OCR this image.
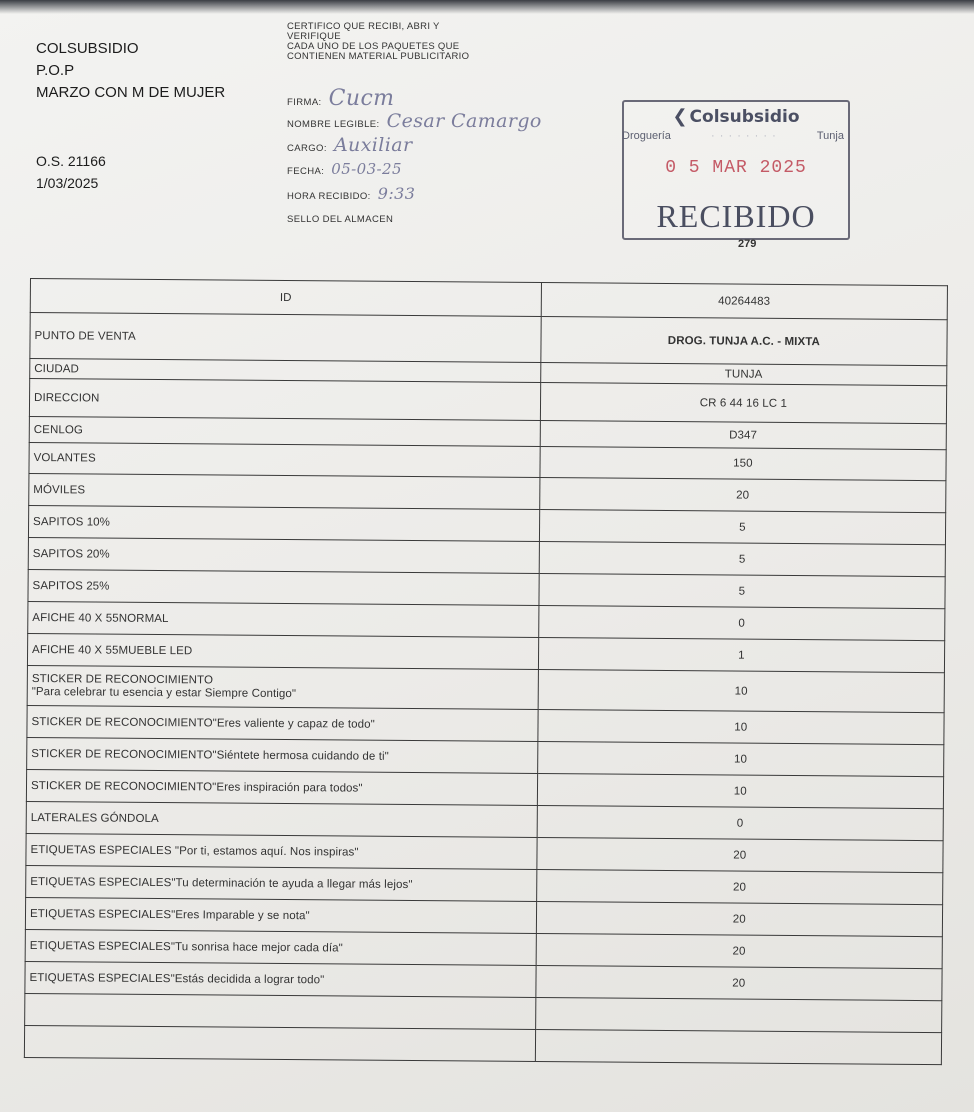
COLSUBSIDIO
P.O.P
MARZO CON M DE MUJER
O.S. 21166
1/03/2025
CERTIFICO QUE RECIBI, ABRI Y
VERIFIQUE
CADA UNO DE LOS PAQUETES QUE
CONTIENEN MATERIAL PUBLICITARIO
FIRMA: Cucm
NOMBRE LEGIBLE: Cesar Camargo
CARGO: Auxiliar
FECHA: 05-03-25
HORA RECIBIDO: 9:33
SELLO DEL ALMACEN
❮ Colsubsidio
Droguería	· · · · · · · ·	Tunja
0 5 MAR 2025
RECIBIDO
279
ID	40264483
PUNTO DE VENTA	DROG. TUNJA A.C. - MIXTA
CIUDAD	TUNJA
DIRECCION	CR 6 44 16 LC 1
CENLOG	D347
VOLANTES	150
MÓVILES	20
SAPITOS 10%	5
SAPITOS 20%	5
SAPITOS 25%	5
AFICHE 40 X 55NORMAL	0
AFICHE 40 X 55MUEBLE LED	1
STICKER DE RECONOCIMIENTO
"Para celebrar tu esencia y estar Siempre Contigo"	10
STICKER DE RECONOCIMIENTO"Eres valiente y capaz de todo"	10
STICKER DE RECONOCIMIENTO"Siéntete hermosa cuidando de ti"	10
STICKER DE RECONOCIMIENTO"Eres inspiración para todos"	10
LATERALES GÓNDOLA	0
ETIQUETAS ESPECIALES "Por ti, estamos aquí. Nos inspiras"	20
ETIQUETAS ESPECIALES"Tu determinación te ayuda a llegar más lejos"	20
ETIQUETAS ESPECIALES"Eres Imparable y se nota"	20
ETIQUETAS ESPECIALES"Tu sonrisa hace mejor cada día"	20
ETIQUETAS ESPECIALES"Estás decidida a lograr todo"	20
